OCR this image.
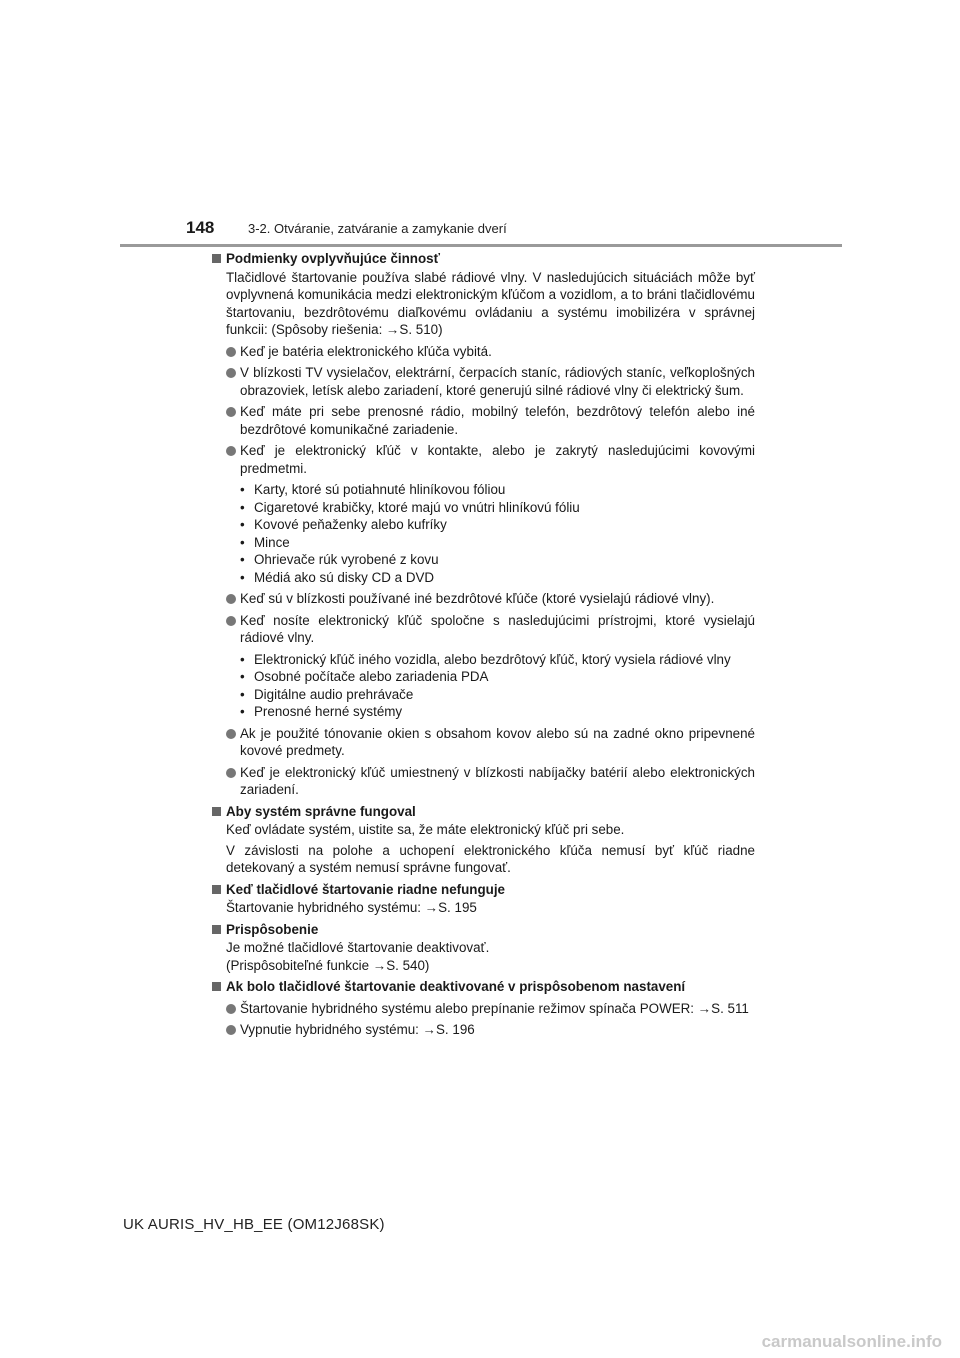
148	3-2. Otváranie, zatváranie a zamykanie dverí
Podmienky ovplyvňujúce činnosť
Tlačidlové štartovanie používa slabé rádiové vlny. V nasledujúcich situáciách môže byť ovplyvnená komunikácia medzi elektronickým kľúčom a vozidlom, a to bráni tlačidlovému štartovaniu, bezdrôtovému diaľkovému ovládaniu a systému imobilizéra v správnej funkcii: (Spôsoby riešenia: →S. 510)
Keď je batéria elektronického kľúča vybitá.
V blízkosti TV vysielačov, elektrární, čerpacích staníc, rádiových staníc, veľkoplošných obrazoviek, letísk alebo zariadení, ktoré generujú silné rádiové vlny či elektrický šum.
Keď máte pri sebe prenosné rádio, mobilný telefón, bezdrôtový telefón alebo iné bezdrôtové komunikačné zariadenie.
Keď je elektronický kľúč v kontakte, alebo je zakrytý nasledujúcimi kovovými predmetmi.
• Karty, ktoré sú potiahnuté hliníkovou fóliou
• Cigaretové krabičky, ktoré majú vo vnútri hliníkovú fóliu
• Kovové peňaženky alebo kufríky
• Mince
• Ohrievače rúk vyrobené z kovu
• Médiá ako sú disky CD a DVD
Keď sú v blízkosti používané iné bezdrôtové kľúče (ktoré vysielajú rádiové vlny).
Keď nosíte elektronický kľúč spoločne s nasledujúcimi prístrojmi, ktoré vysielajú rádiové vlny.
• Elektronický kľúč iného vozidla, alebo bezdrôtový kľúč, ktorý vysiela rádiové vlny
• Osobné počítače alebo zariadenia PDA
• Digitálne audio prehrávače
• Prenosné herné systémy
Ak je použité tónovanie okien s obsahom kovov alebo sú na zadné okno pripevnené kovové predmety.
Keď je elektronický kľúč umiestnený v blízkosti nabíjačky batérií alebo elektronických zariadení.
Aby systém správne fungoval
Keď ovládate systém, uistite sa, že máte elektronický kľúč pri sebe.
V závislosti na polohe a uchopení elektronického kľúča nemusí byť kľúč riadne detekovaný a systém nemusí správne fungovať.
Keď tlačidlové štartovanie riadne nefunguje
Štartovanie hybridného systému: →S. 195
Prispôsobenie
Je možné tlačidlové štartovanie deaktivovať.
(Prispôsobiteľné funkcie →S. 540)
Ak bolo tlačidlové štartovanie deaktivované v prispôsobenom nastavení
Štartovanie hybridného systému alebo prepínanie režimov spínača POWER: →S. 511
Vypnutie hybridného systému: →S. 196
UK AURIS_HV_HB_EE (OM12J68SK)
carmanualsonline.info
